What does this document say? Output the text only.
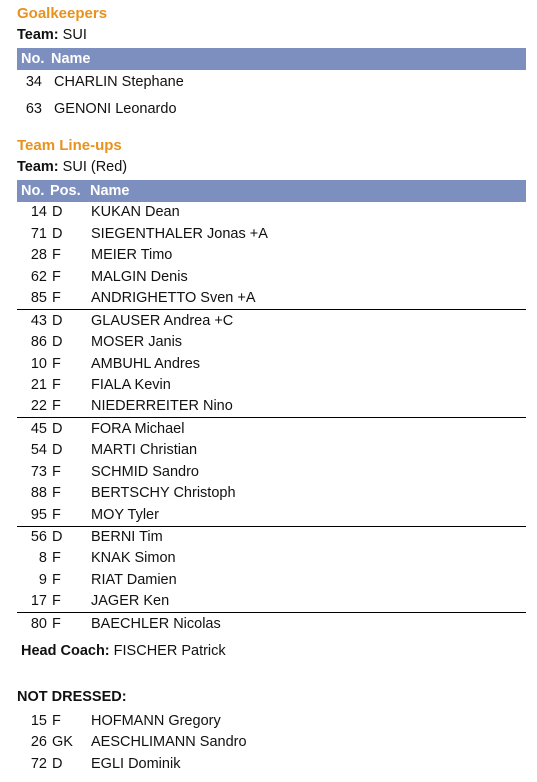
Goalkeepers
Team: SUI
No. Name
34 CHARLIN Stephane
63 GENONI Leonardo
Team Line-ups
Team: SUI (Red)
No. Pos. Name
14 D KUKAN Dean
71 D SIEGENTHALER Jonas +A
28 F MEIER Timo
62 F MALGIN Denis
85 F ANDRIGHETTO Sven +A
43 D GLAUSER Andrea +C
86 D MOSER Janis
10 F AMBUHL Andres
21 F FIALA Kevin
22 F NIEDERREITER Nino
45 D FORA Michael
54 D MARTI Christian
73 F SCHMID Sandro
88 F BERTSCHY Christoph
95 F MOY Tyler
56 D BERNI Tim
8 F KNAK Simon
9 F RIAT Damien
17 F JAGER Ken
80 F BAECHLER Nicolas
Head Coach: FISCHER Patrick
NOT DRESSED:
15 F HOFMANN Gregory
26 GK AESCHLIMANN Sandro
72 D EGLI Dominik
